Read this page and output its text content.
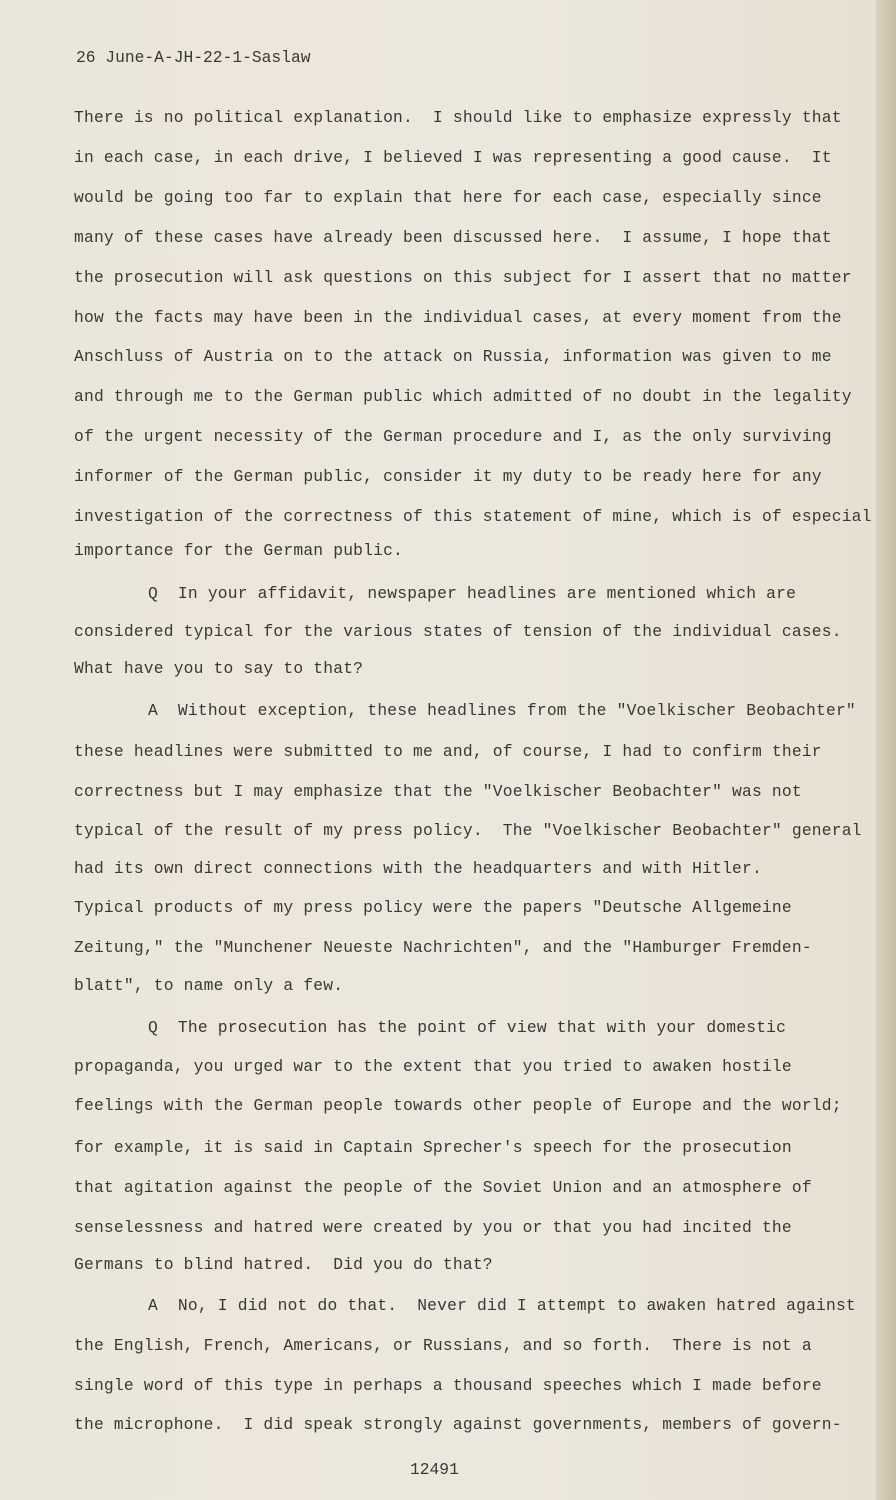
26 June-A-JH-22-1-Saslaw
There is no political explanation.  I should like to emphasize expressly that
in each case, in each drive, I believed I was representing a good cause.  It
would be going too far to explain that here for each case, especially since
many of these cases have already been discussed here.  I assume, I hope that
the prosecution will ask questions on this subject for I assert that no matter
how the facts may have been in the individual cases, at every moment from the
Anschluss of Austria on to the attack on Russia, information was given to me
and through me to the German public which admitted of no doubt in the legality
of the urgent necessity of the German procedure and I, as the only surviving
informer of the German public, consider it my duty to be ready here for any
investigation of the correctness of this statement of mine, which is of especial
importance for the German public.
Q  In your affidavit, newspaper headlines are mentioned which are
considered typical for the various states of tension of the individual cases.
What have you to say to that?
A  Without exception, these headlines from the "Voelkischer Beobachter"
these headlines were submitted to me and, of course, I had to confirm their
correctness but I may emphasize that the "Voelkischer Beobachter" was not
typical of the result of my press policy.  The "Voelkischer Beobachter" general
had its own direct connections with the headquarters and with Hitler.
Typical products of my press policy were the papers "Deutsche Allgemeine
Zeitung," the "Munchener Neueste Nachrichten", and the "Hamburger Fremden-
blatt", to name only a few.
Q  The prosecution has the point of view that with your domestic
propaganda, you urged war to the extent that you tried to awaken hostile
feelings with the German people towards other people of Europe and the world;
for example, it is said in Captain Sprecher's speech for the prosecution
that agitation against the people of the Soviet Union and an atmosphere of
senselessness and hatred were created by you or that you had incited the
Germans to blind hatred.  Did you do that?
A  No, I did not do that.  Never did I attempt to awaken hatred against
the English, French, Americans, or Russians, and so forth.  There is not a
single word of this type in perhaps a thousand speeches which I made before
the microphone.  I did speak strongly against governments, members of govern-
12491
